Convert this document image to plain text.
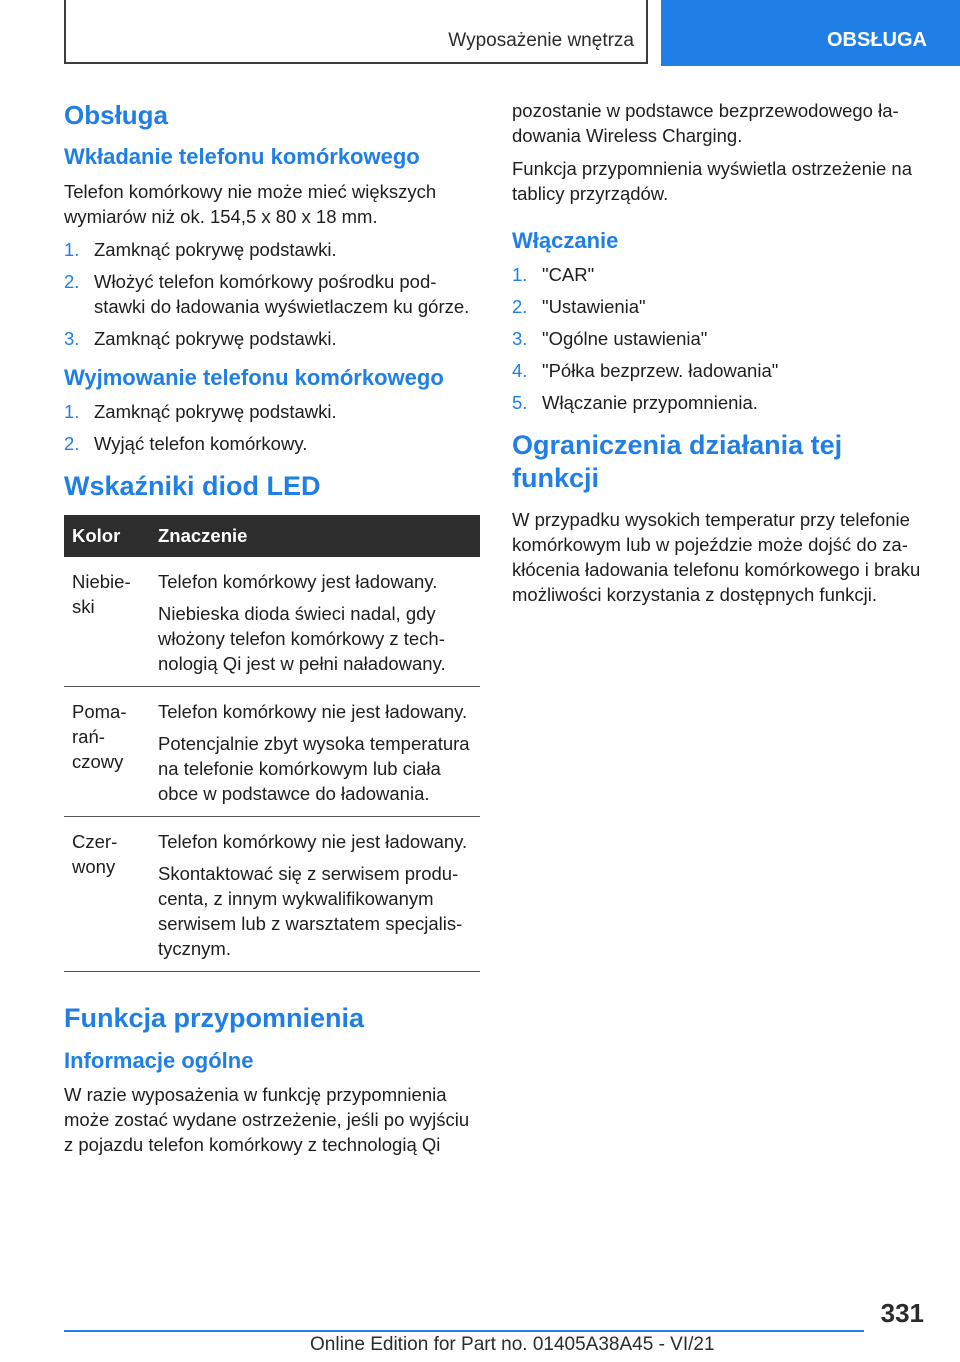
Wyposażenie wnętrza	OBSŁUGA
Obsługa
Wkładanie telefonu komórkowego

Telefon komórkowy nie może mieć większych wymiarów niż ok. 154,5 x 80 x 18 mm.

1. Zamknąć pokrywę podstawki.
2. Włożyć telefon komórkowy pośrodku podstawki do ładowania wyświetlaczem ku górze.
3. Zamknąć pokrywę podstawki.
Wyjmowanie telefonu komórkowego
1. Zamknąć pokrywę podstawki.
2. Wyjąć telefon komórkowy.
Wskaźniki diod LED
Kolor	Znaczenie
Niebieski	Telefon komórkowy jest ładowany.
Niebieska dioda świeci nadal, gdy włożony telefon komórkowy z technologią Qi jest w pełni naładowany.

Pomarańczowy	Telefon komórkowy nie jest ładowany.
Potencjalnie zbyt wysoka temperatura na telefonie komórkowym lub ciała obce w podstawce do ładowania.

Czerwony	Telefon komórkowy nie jest ładowany.
Skontaktować się z serwisem producenta, z innym wykwalifikowanym serwisem lub z warsztatem specjalistycznym.
Funkcja przypomnienia
Informacje ogólne

W razie wyposażenia w funkcję przypomnienia może zostać wydane ostrzeżenie, jeśli po wyjściu z pojazdu telefon komórkowy z technologią Qi

pozostanie w podstawce bezprzewodowego ładowania Wireless Charging.

Funkcja przypomnienia wyświetla ostrzeżenie na tablicy przyrządów.

Włączanie
1. "CAR"
2. "Ustawienia"
3. "Ogólne ustawienia"
4. "Półka bezprzew. ładowania"
5. Włączanie przypomnienia.
Ograniczenia działania tej funkcji

W przypadku wysokich temperatur przy telefonie komórkowym lub w pojeździe może dojść do zakłócenia ładowania telefonu komórkowego i braku możliwości korzystania z dostępnych funkcji.

331
Online Edition for Part no. 01405A38A45 - VI/21
